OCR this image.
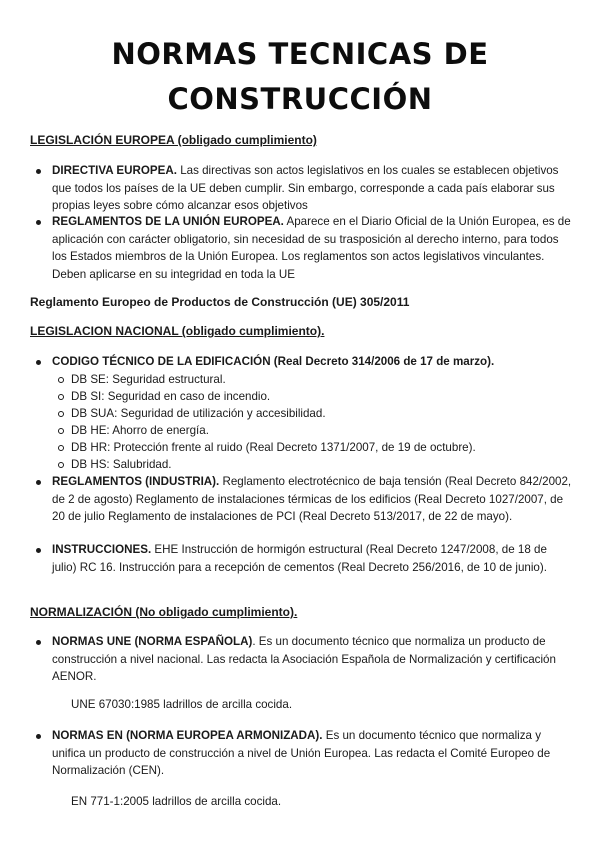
NORMAS TECNICAS DE
CONSTRUCCIÓN
LEGISLACIÓN EUROPEA (obligado cumplimiento)
DIRECTIVA EUROPEA. Las directivas son actos legislativos en los cuales se establecen objetivos que todos los países de la UE deben cumplir. Sin embargo, corresponde a cada país elaborar sus propias leyes sobre cómo alcanzar esos objetivos
REGLAMENTOS DE LA UNIÓN EUROPEA. Aparece en el Diario Oficial de la Unión Europea, es de aplicación con carácter obligatorio, sin necesidad de su trasposición al derecho interno, para todos los Estados miembros de la Unión Europea. Los reglamentos son actos legislativos vinculantes. Deben aplicarse en su integridad en toda la UE
Reglamento Europeo de Productos de Construcción (UE) 305/2011
LEGISLACION NACIONAL (obligado cumplimiento).
CODIGO TÉCNICO DE LA EDIFICACIÓN (Real Decreto 314/2006 de 17 de marzo).
DB SE: Seguridad estructural.
DB SI: Seguridad en caso de incendio.
DB SUA: Seguridad de utilización y accesibilidad.
DB HE: Ahorro de energía.
DB HR: Protección frente al ruido (Real Decreto 1371/2007, de 19 de octubre).
DB HS: Salubridad.
REGLAMENTOS (INDUSTRIA). Reglamento electrotécnico de baja tensión (Real Decreto 842/2002, de 2 de agosto) Reglamento de instalaciones térmicas de los edificios (Real Decreto 1027/2007, de 20 de julio Reglamento de instalaciones de PCI (Real Decreto 513/2017, de 22 de mayo).
INSTRUCCIONES. EHE Instrucción de hormigón estructural (Real Decreto 1247/2008, de 18 de julio) RC 16. Instrucción para a recepción de cementos (Real Decreto 256/2016, de 10 de junio).
NORMALIZACIÓN (No obligado cumplimiento).
NORMAS UNE (NORMA ESPAÑOLA). Es un documento técnico que normaliza un producto de construcción a nivel nacional. Las redacta la Asociación Española de Normalización y certificación AENOR.
UNE 67030:1985 ladrillos de arcilla cocida.
NORMAS EN (NORMA EUROPEA ARMONIZADA). Es un documento técnico que normaliza y unifica un producto de construcción a nivel de Unión Europea. Las redacta el Comité Europeo de Normalización (CEN).
EN 771-1:2005 ladrillos de arcilla cocida.
